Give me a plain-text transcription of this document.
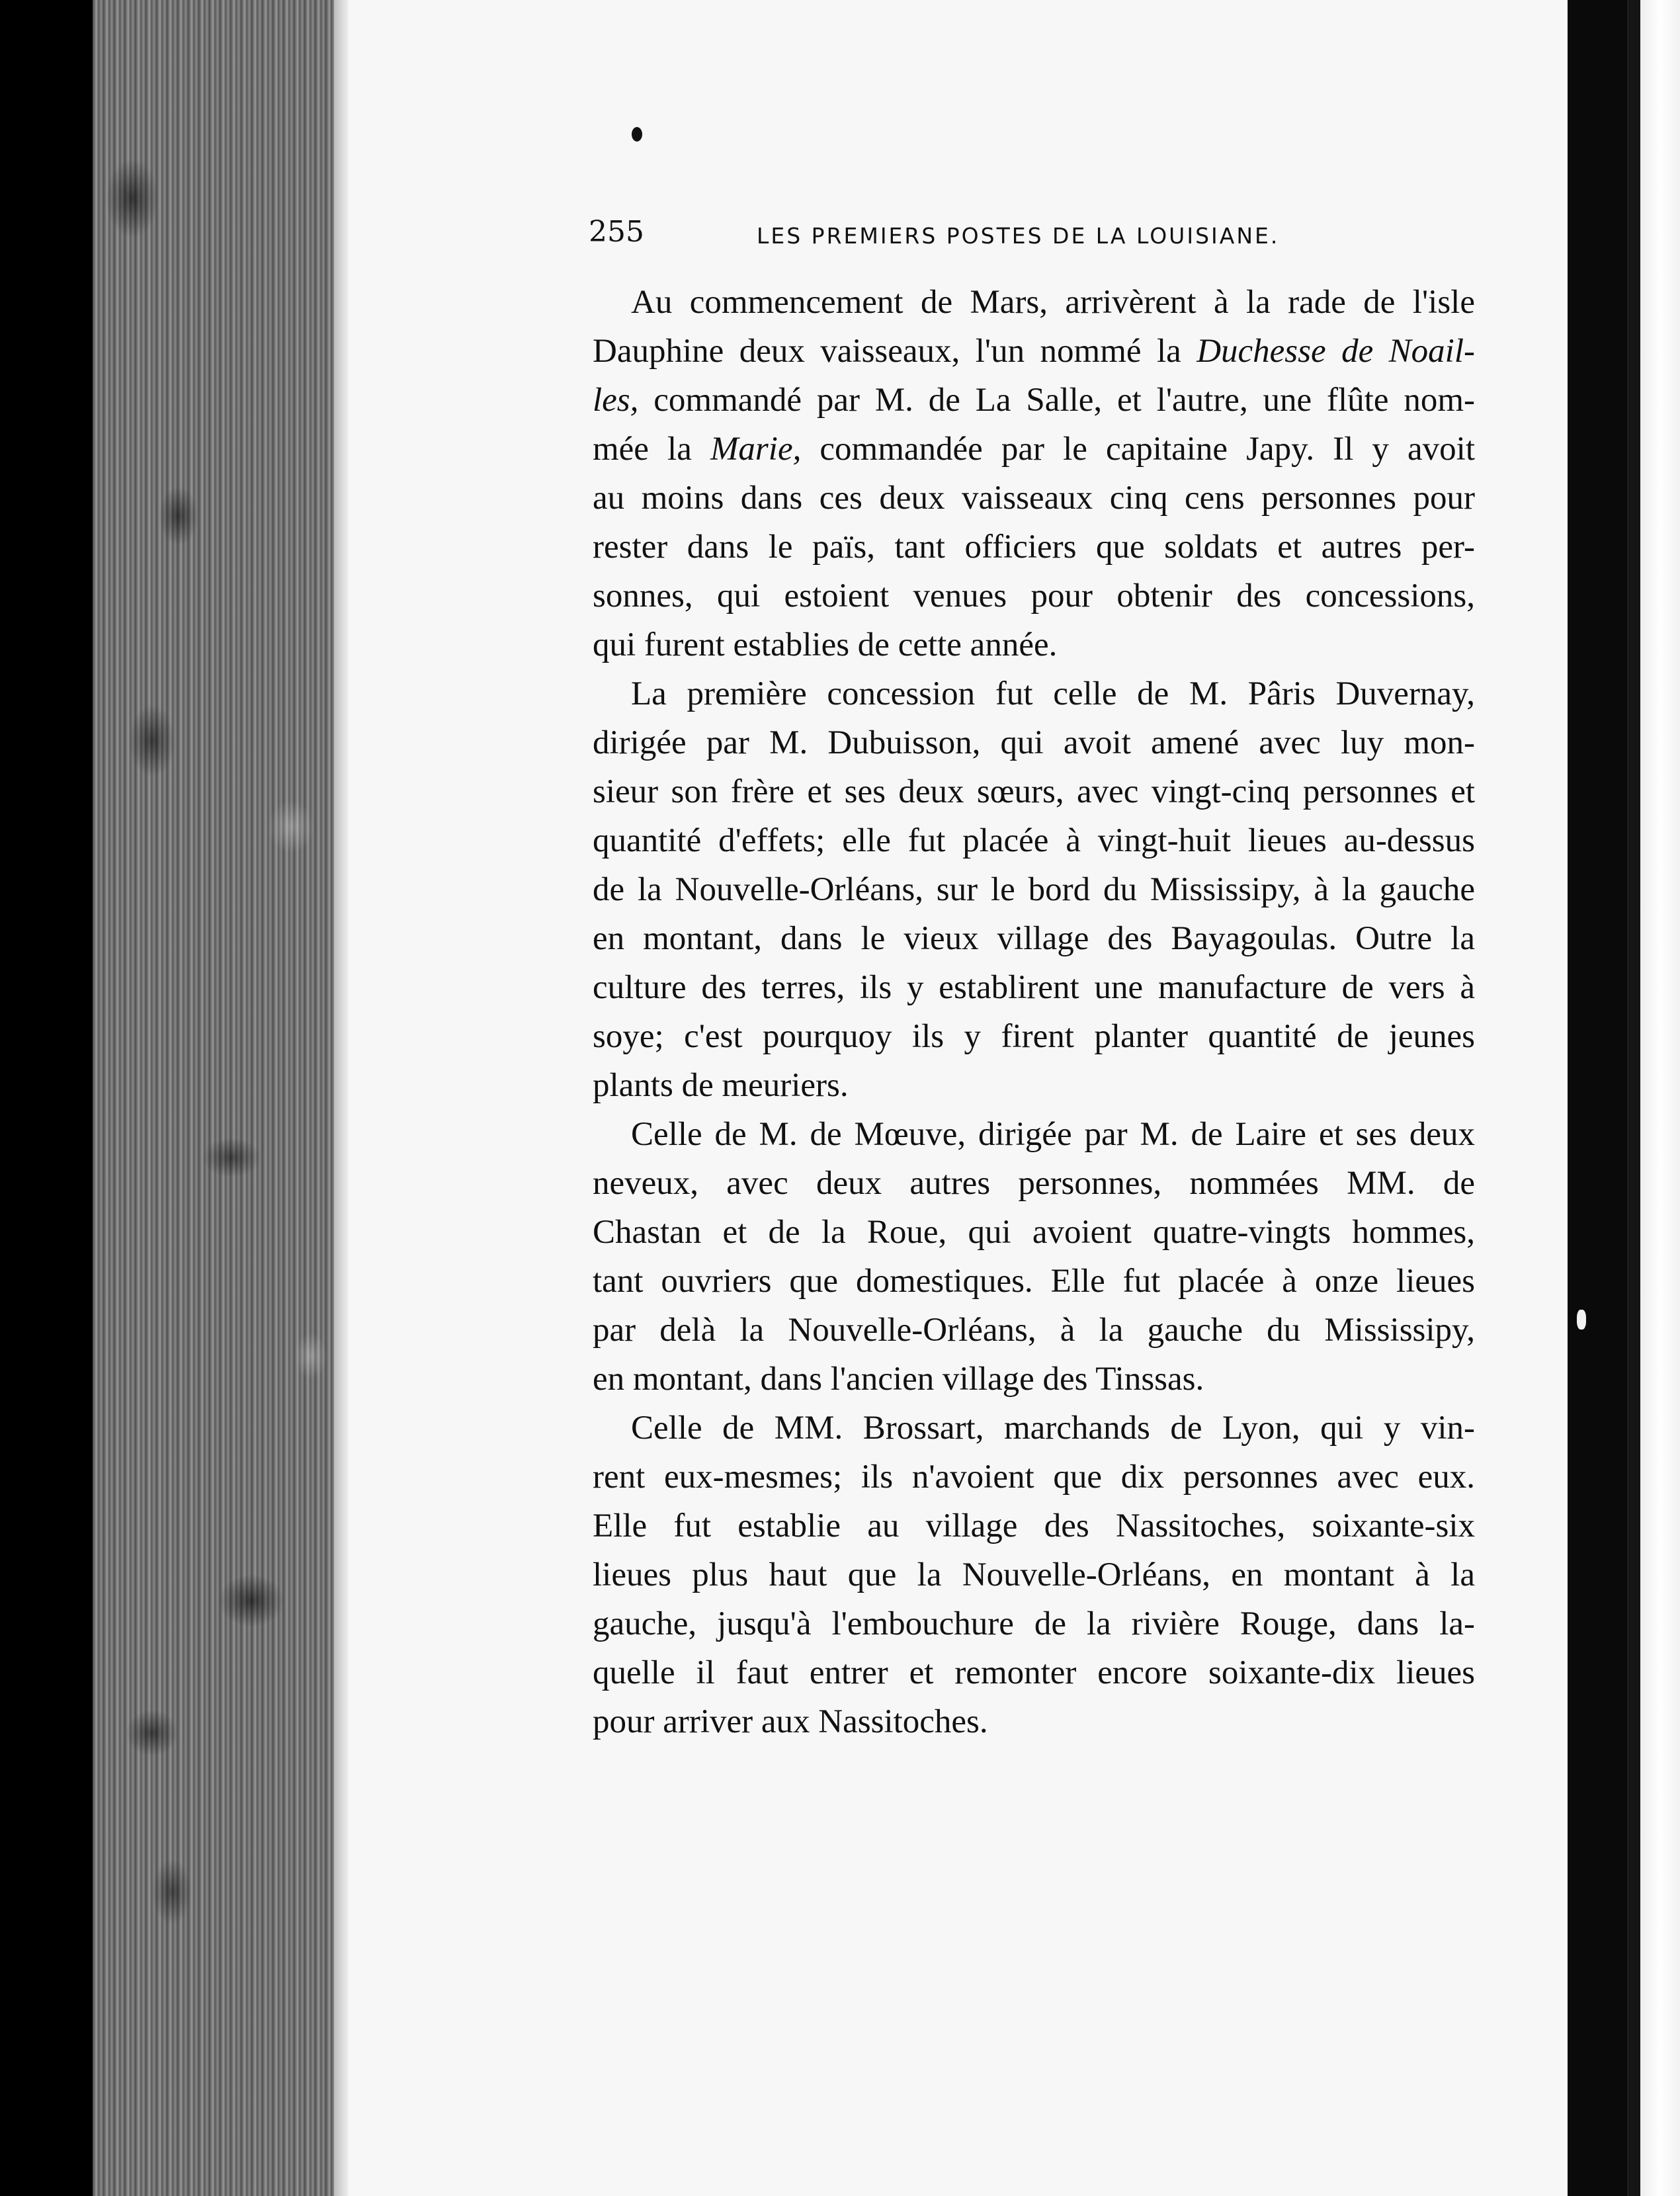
255	LES PREMIERS POSTES DE LA LOUISIANE.
Au commencement de Mars, arrivèrent à la rade de l'isle
Dauphine deux vaisseaux, l'un nommé la Duchesse de Noail-
les, commandé par M. de La Salle, et l'autre, une flûte nom-
mée la Marie, commandée par le capitaine Japy. Il y avoit
au moins dans ces deux vaisseaux cinq cens personnes pour
rester dans le païs, tant officiers que soldats et autres per-
sonnes, qui estoient venues pour obtenir des concessions,
qui furent establies de cette année.
La première concession fut celle de M. Pâris Duvernay,
dirigée par M. Dubuisson, qui avoit amené avec luy mon-
sieur son frère et ses deux sœurs, avec vingt-cinq personnes et
quantité d'effets; elle fut placée à vingt-huit lieues au-dessus
de la Nouvelle-Orléans, sur le bord du Mississipy, à la gauche
en montant, dans le vieux village des Bayagoulas. Outre la
culture des terres, ils y establirent une manufacture de vers à
soye; c'est pourquoy ils y firent planter quantité de jeunes
plants de meuriers.
Celle de M. de Mœuve, dirigée par M. de Laire et ses deux
neveux, avec deux autres personnes, nommées MM. de
Chastan et de la Roue, qui avoient quatre-vingts hommes,
tant ouvriers que domestiques. Elle fut placée à onze lieues
par delà la Nouvelle-Orléans, à la gauche du Mississipy,
en montant, dans l'ancien village des Tinssas.
Celle de MM. Brossart, marchands de Lyon, qui y vin-
rent eux-mesmes; ils n'avoient que dix personnes avec eux.
Elle fut establie au village des Nassitoches, soixante-six
lieues plus haut que la Nouvelle-Orléans, en montant à la
gauche, jusqu'à l'embouchure de la rivière Rouge, dans la-
quelle il faut entrer et remonter encore soixante-dix lieues
pour arriver aux Nassitoches.
